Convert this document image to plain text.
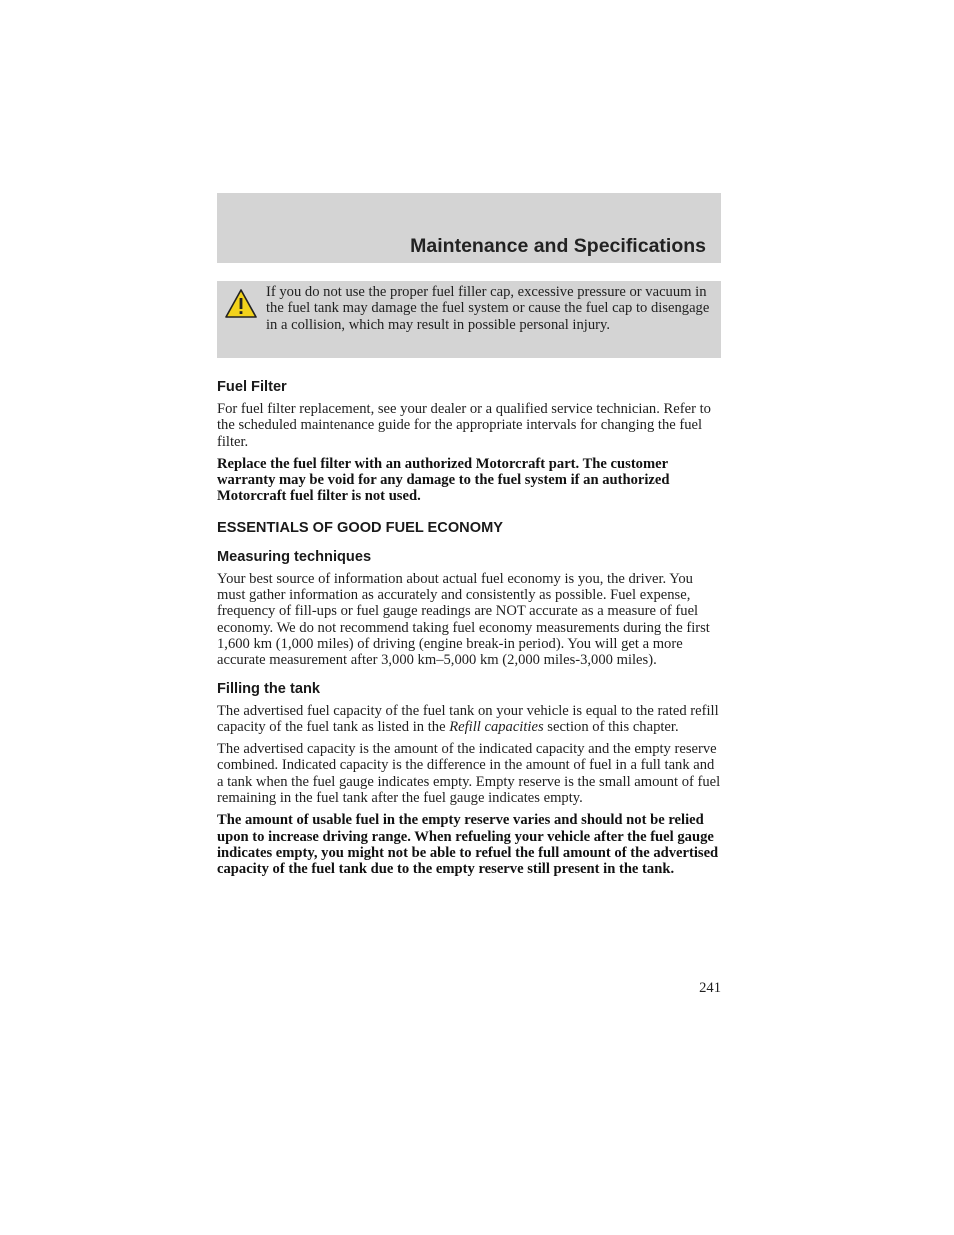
Maintenance and Specifications

If you do not use the proper fuel filler cap, excessive pressure or vacuum in the fuel tank may damage the fuel system or cause the fuel cap to disengage in a collision, which may result in possible personal injury.

Fuel Filter

For fuel filter replacement, see your dealer or a qualified service technician. Refer to the scheduled maintenance guide for the appropriate intervals for changing the fuel filter.

Replace the fuel filter with an authorized Motorcraft part. The customer warranty may be void for any damage to the fuel system if an authorized Motorcraft fuel filter is not used.

ESSENTIALS OF GOOD FUEL ECONOMY
Measuring techniques

Your best source of information about actual fuel economy is you, the driver. You must gather information as accurately and consistently as possible. Fuel expense, frequency of fill-ups or fuel gauge readings are NOT accurate as a measure of fuel economy. We do not recommend taking fuel economy measurements during the first 1,600 km (1,000 miles) of driving (engine break-in period). You will get a more accurate measurement after 3,000 km–5,000 km (2,000 miles-3,000 miles).

Filling the tank

The advertised fuel capacity of the fuel tank on your vehicle is equal to the rated refill capacity of the fuel tank as listed in the Refill capacities section of this chapter.

The advertised capacity is the amount of the indicated capacity and the empty reserve combined. Indicated capacity is the difference in the amount of fuel in a full tank and a tank when the fuel gauge indicates empty. Empty reserve is the small amount of fuel remaining in the fuel tank after the fuel gauge indicates empty.

The amount of usable fuel in the empty reserve varies and should not be relied upon to increase driving range. When refueling your vehicle after the fuel gauge indicates empty, you might not be able to refuel the full amount of the advertised capacity of the fuel tank due to the empty reserve still present in the tank.

241
